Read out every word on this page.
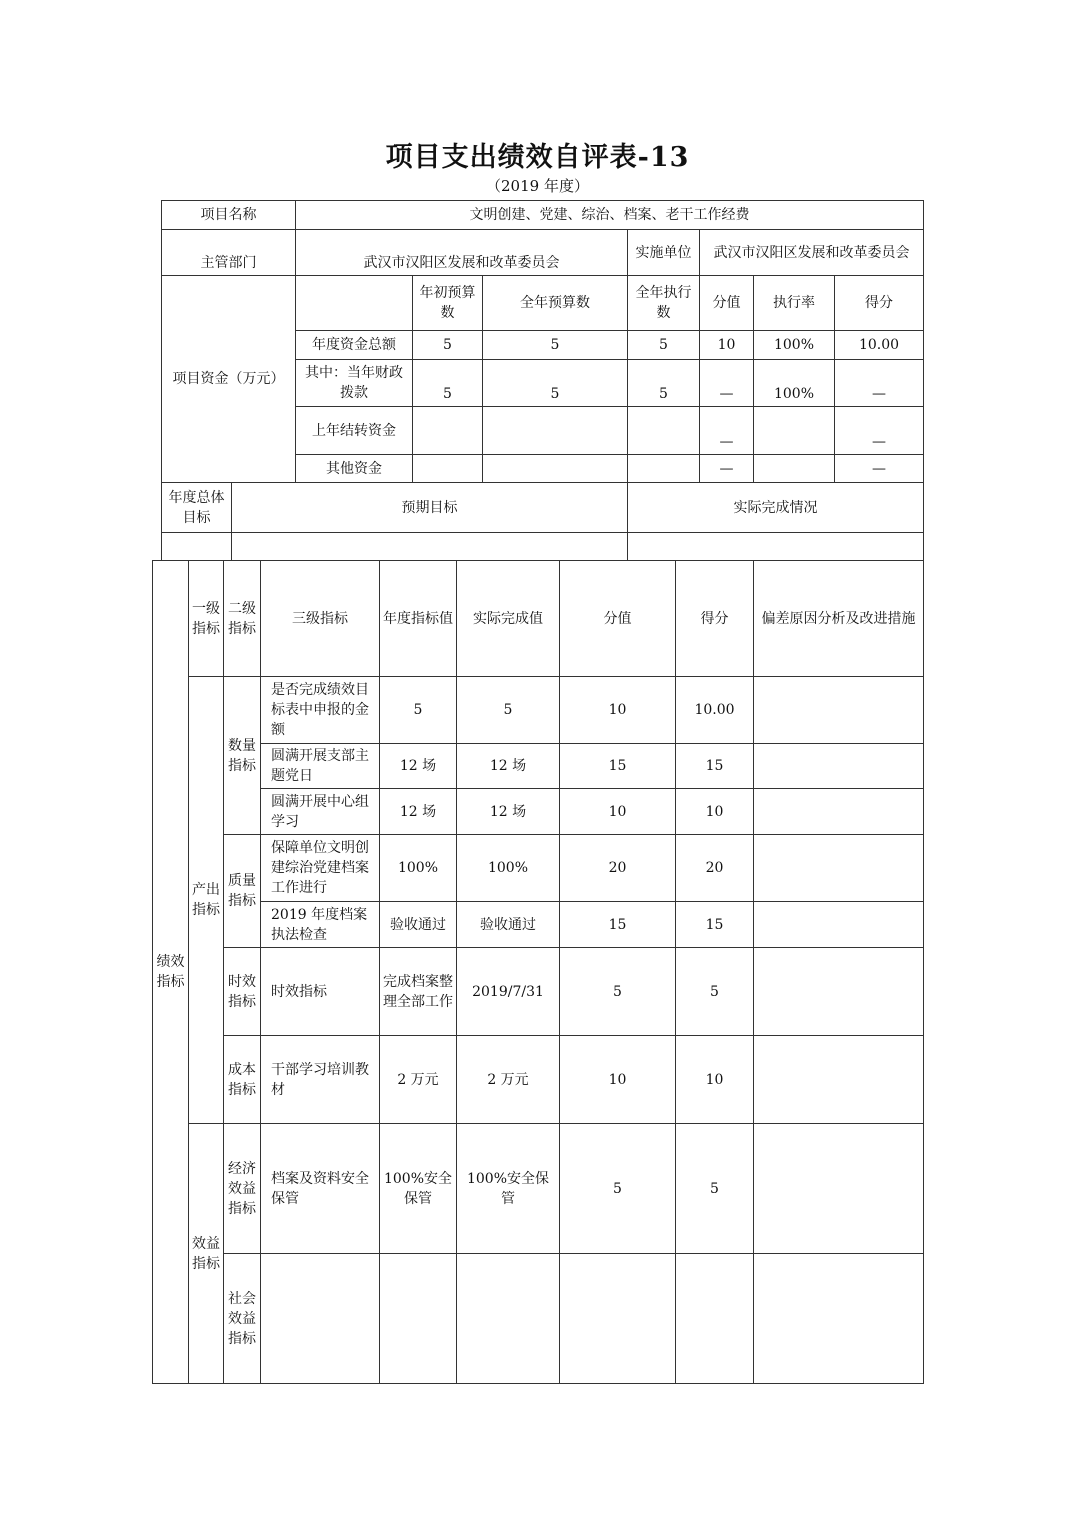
项目支出绩效自评表-13
（2019 年度）
项目名称		文明创建、党建、综治、档案、老干工作经费						
主管部门		武汉市汉阳区发展和改革委员会			实施单位	武汉市汉阳区发展和改革委员会		
项目资金（万元）			年初预算数	全年预算数	全年执行数	分值	执行率	得分
		年度资金总额	5	5	5	10	100%	10.00
		其中：当年财政拨款	5	5	5	—	100%	—
		上年结转资金				—		—
		其他资金				—		—
年度总体目标	预期目标				实际完成情况			

绩效指标	一级指标	二级指标	三级指标	年度指标值	实际完成值	分值	得分	偏差原因分析及改进措施
	产出指标	数量指标	是否完成绩效目标表中申报的金额	5	5	10	10.00	
			圆满开展支部主题党日	12 场	12 场	15	15	
			圆满开展中心组学习	12 场	12 场	10	10	
		质量指标	保障单位文明创建综治党建档案工作进行	100%	100%	20	20	
			2019 年度档案执法检查	验收通过	验收通过	15	15	
		时效指标	时效指标	完成档案整理全部工作	2019/7/31	5	5	
		成本指标	干部学习培训教材	2 万元	2 万元	10	10	
	效益指标	经济效益指标	档案及资料安全保管	100%安全保管	100%安全保管	5	5	
		社会效益指标						
